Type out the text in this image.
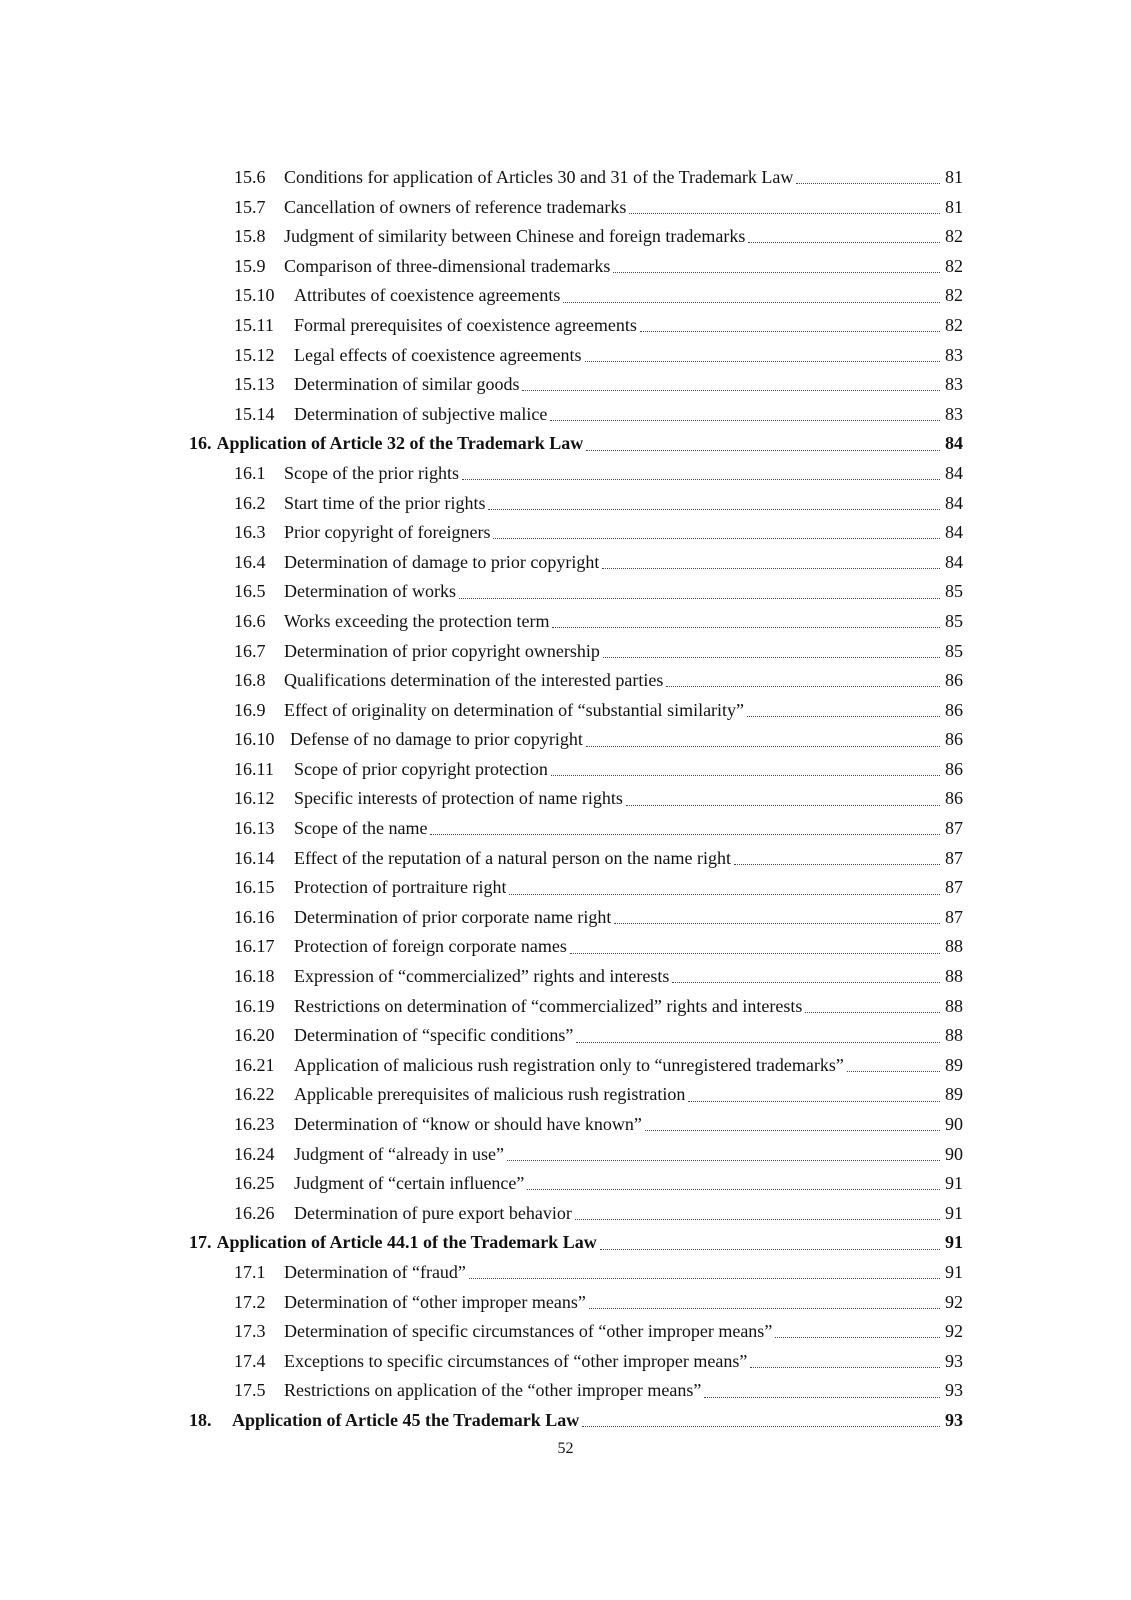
15.6	Conditions for application of Articles 30 and 31 of the Trademark Law	81
15.7	Cancellation of owners of reference trademarks	81
15.8	Judgment of similarity between Chinese and foreign trademarks	82
15.9	Comparison of three-dimensional trademarks	82
15.10	Attributes of coexistence agreements	82
15.11	Formal prerequisites of coexistence agreements	82
15.12	Legal effects of coexistence agreements	83
15.13	Determination of similar goods	83
15.14	Determination of subjective malice	83
16. Application of Article 32 of the Trademark Law	84
16.1	Scope of the prior rights	84
16.2	Start time of the prior rights	84
16.3	Prior copyright of foreigners	84
16.4	Determination of damage to prior copyright	84
16.5	Determination of works	85
16.6	Works exceeding the protection term	85
16.7	Determination of prior copyright ownership	85
16.8	Qualifications determination of the interested parties	86
16.9	Effect of originality on determination of “substantial similarity”	86
16.10 Defense of no damage to prior copyright	86
16.11	Scope of prior copyright protection	86
16.12	Specific interests of protection of name rights	86
16.13	Scope of the name	87
16.14	Effect of the reputation of a natural person on the name right	87
16.15	Protection of portraiture right	87
16.16	Determination of prior corporate name right	87
16.17	Protection of foreign corporate names	88
16.18	Expression of “commercialized” rights and interests	88
16.19	Restrictions on determination of “commercialized” rights and interests	88
16.20	Determination of “specific conditions”	88
16.21	Application of malicious rush registration only to “unregistered trademarks”	89
16.22	Applicable prerequisites of malicious rush registration	89
16.23	Determination of “know or should have known”	90
16.24	Judgment of “already in use”	90
16.25	Judgment of “certain influence”	91
16.26	Determination of pure export behavior	91
17. Application of Article 44.1 of the Trademark Law	91
17.1	Determination of “fraud”	91
17.2	Determination of “other improper means”	92
17.3	Determination of specific circumstances of “other improper means”	92
17.4	Exceptions to specific circumstances of “other improper means”	93
17.5	Restrictions on application of the “other improper means”	93
18.	Application of Article 45 the Trademark Law	93
52
